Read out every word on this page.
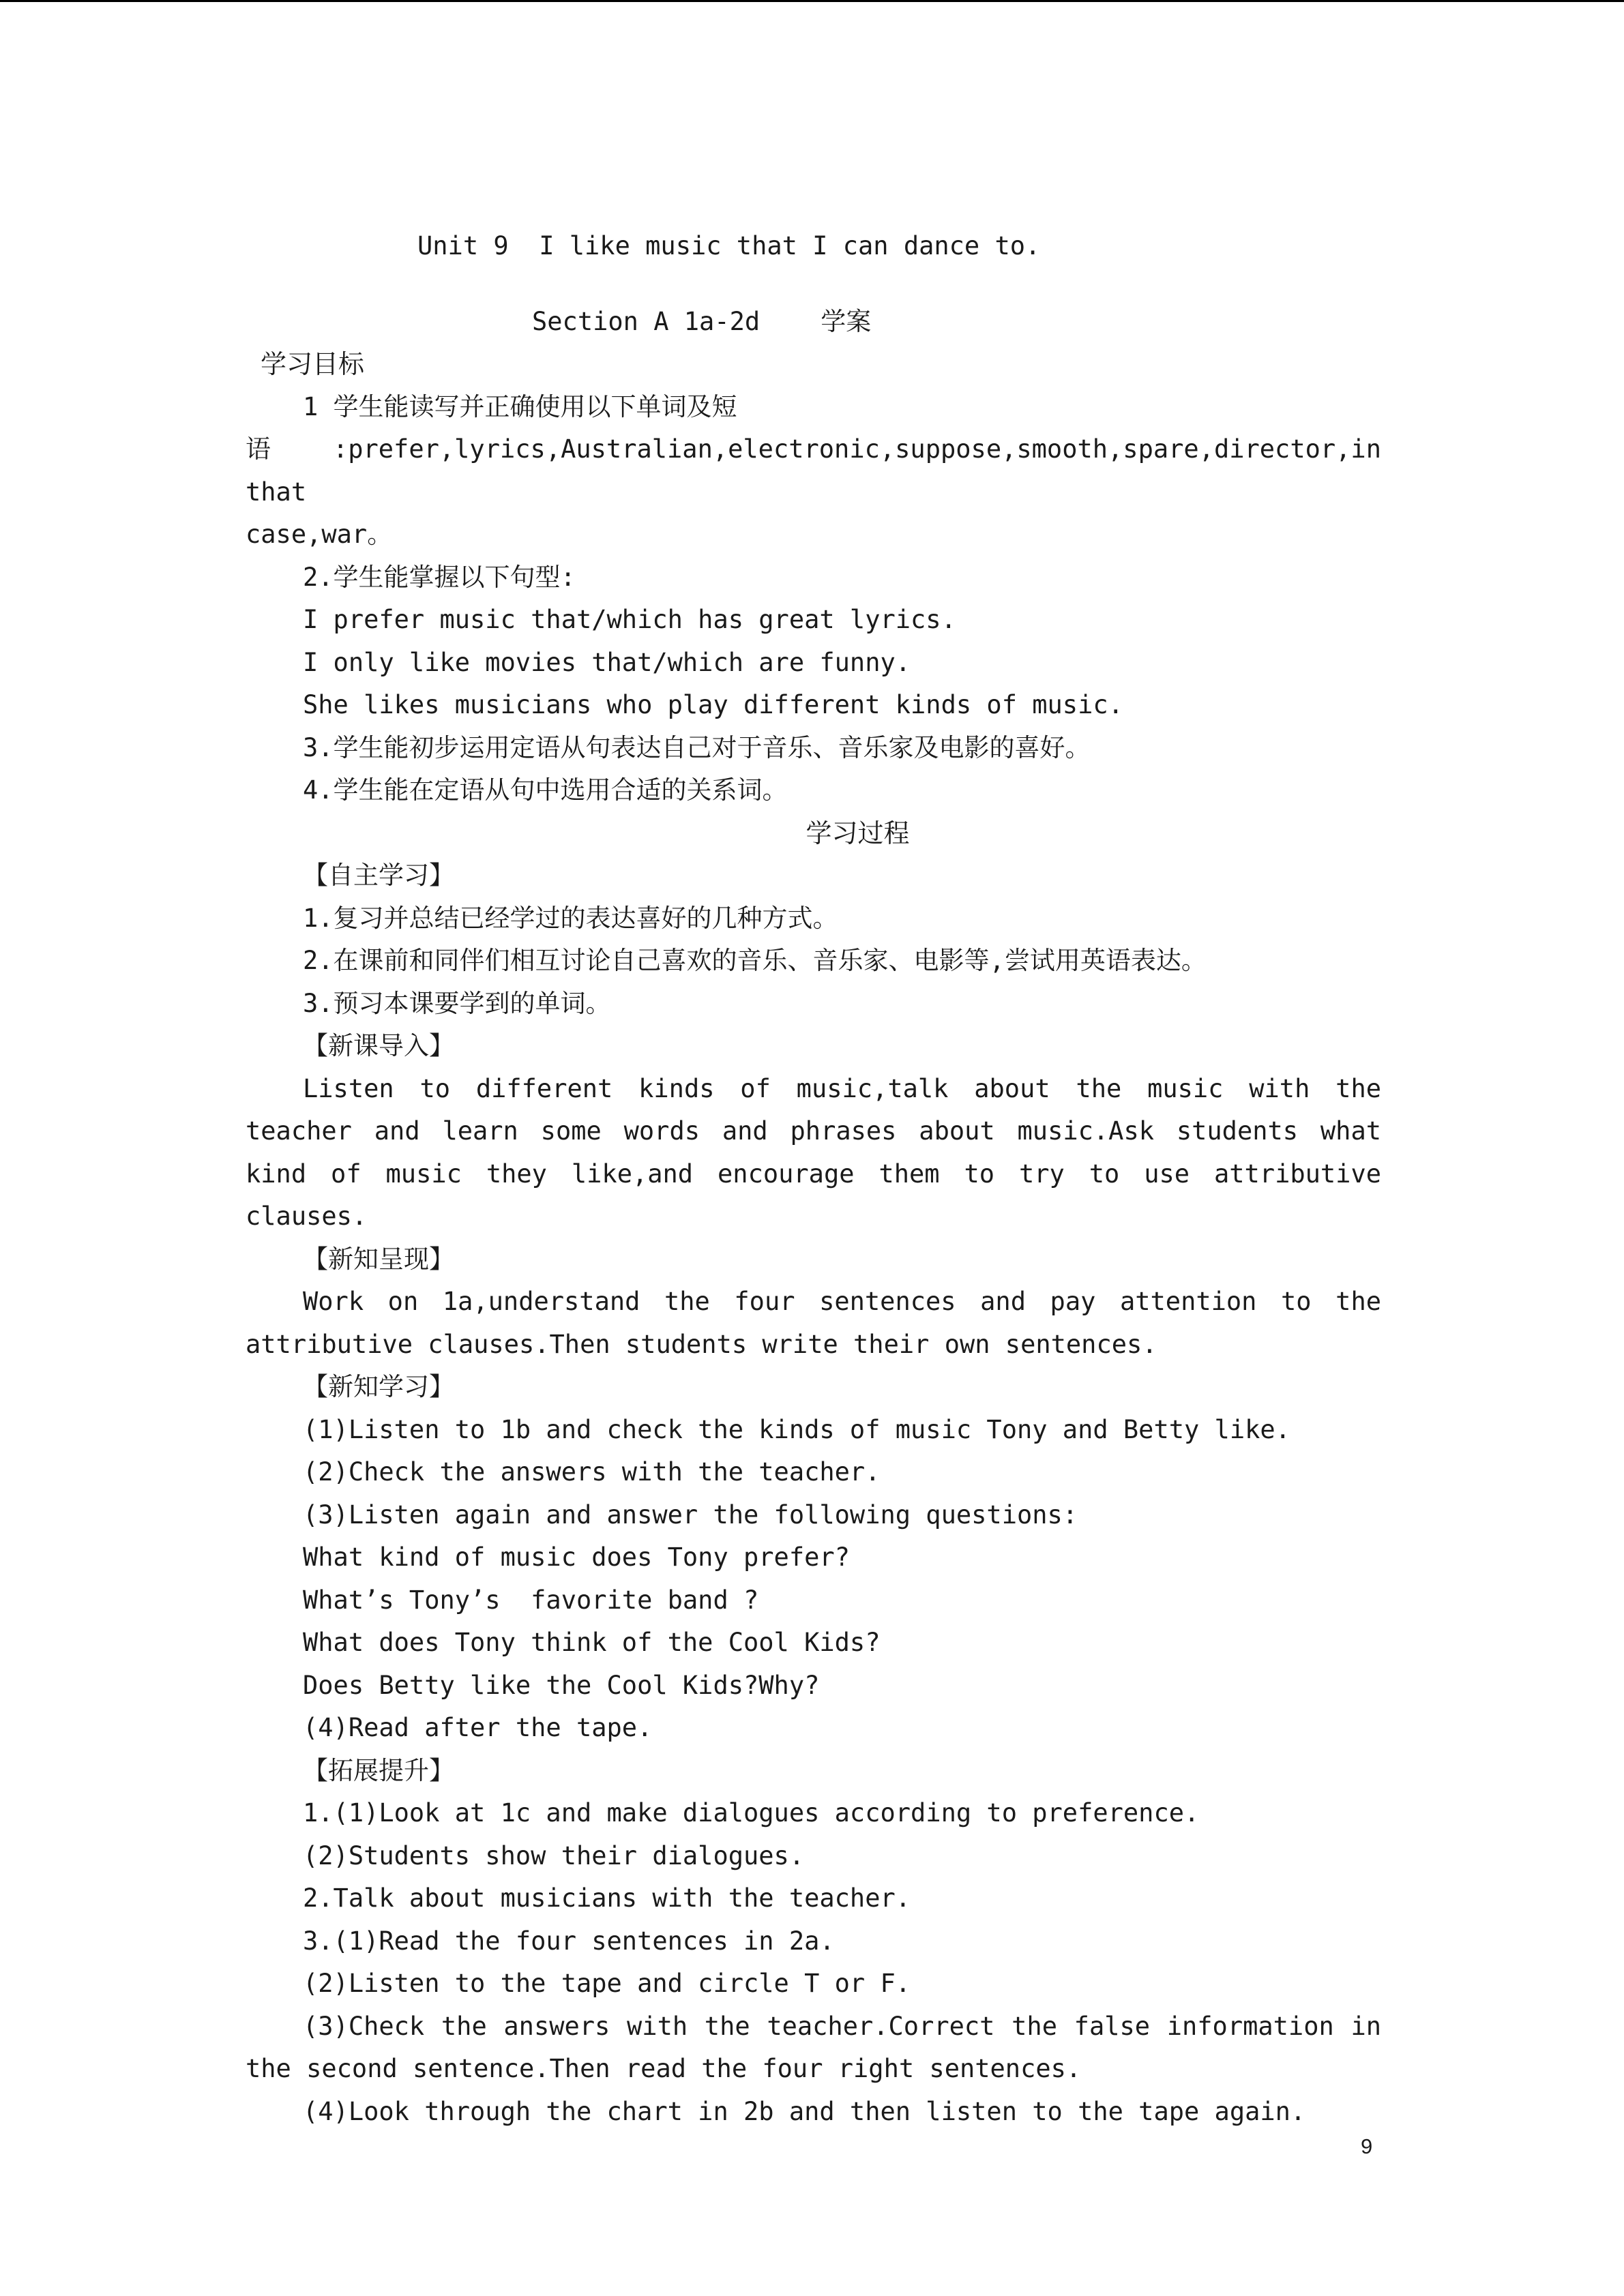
Unit 9  I like music that I can dance to.

Section A 1a-2d    学案

学习目标

1 学生能读写并正确使用以下单词及短

语:prefer,lyrics,Australian,electronic,suppose,smooth,spare,director,in that

case,war。

2.学生能掌握以下句型:

I prefer music that/which has great lyrics.

I only like movies that/which are funny.

She likes musicians who play different kinds of music.

3.学生能初步运用定语从句表达自己对于音乐、音乐家及电影的喜好。

4.学生能在定语从句中选用合适的关系词。

学习过程

【自主学习】

1.复习并总结已经学过的表达喜好的几种方式。

2.在课前和同伴们相互讨论自己喜欢的音乐、音乐家、电影等,尝试用英语表达。

3.预习本课要学到的单词。

【新课导入】

Listen to different kinds of music,talk about the music with the teacher and learn some words and phrases about music.Ask students what kind of music they like,and encourage them to try to use attributive clauses.

【新知呈现】

Work on 1a,understand the four sentences and pay attention to the attributive clauses.Then students write their own sentences.

【新知学习】

(1)Listen to 1b and check the kinds of music Tony and Betty like.

(2)Check the answers with the teacher.

(3)Listen again and answer the following questions:

What kind of music does Tony prefer?

What’s Tony’s  favorite band ?

What does Tony think of the Cool Kids?

Does Betty like the Cool Kids?Why?

(4)Read after the tape.

【拓展提升】

1.(1)Look at 1c and make dialogues according to preference.

(2)Students show their dialogues.

2.Talk about musicians with the teacher.

3.(1)Read the four sentences in 2a.

(2)Listen to the tape and circle T or F.

(3)Check the answers with the teacher.Correct the false information in the second sentence.Then read the four right sentences.

(4)Look through the chart in 2b and then listen to the tape again.

9
